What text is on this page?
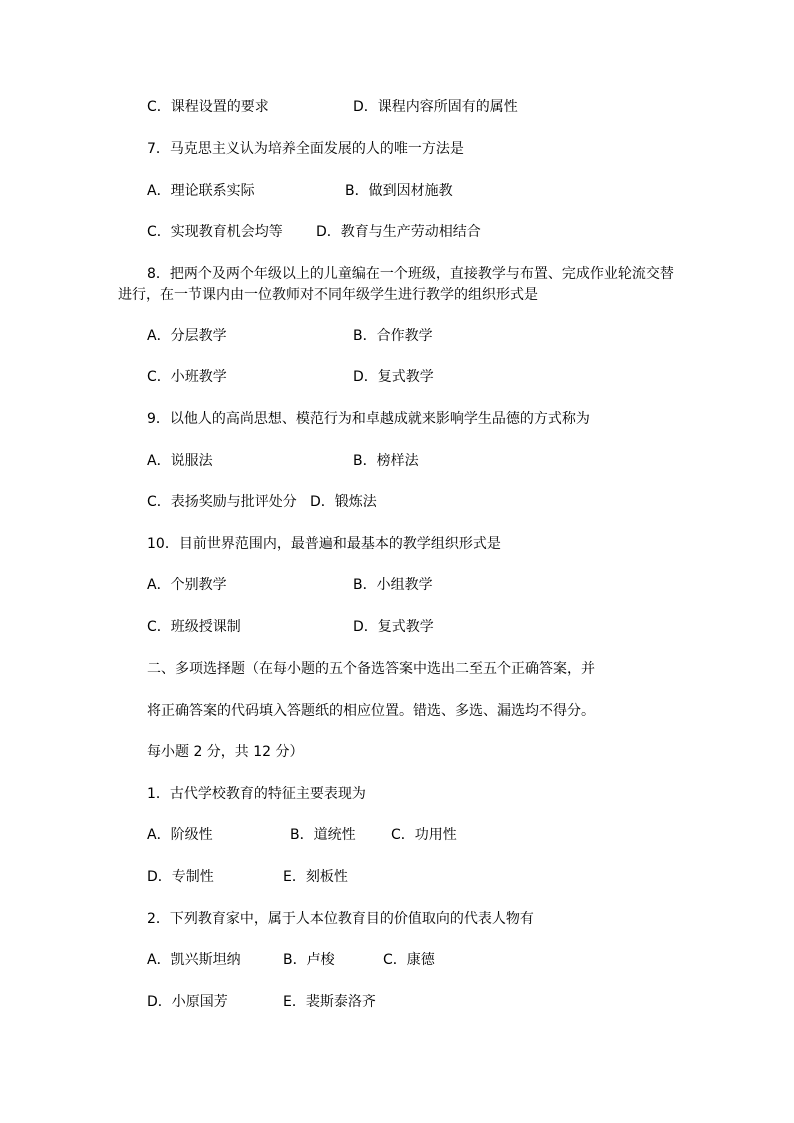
C．课程设置的要求	D．课程内容所固有的属性
7．马克思主义认为培养全面发展的人的唯一方法是
A．理论联系实际	B．做到因材施教
C．实现教育机会均等 D．教育与生产劳动相结合
8．把两个及两个年级以上的儿童编在一个班级，直接教学与布置、完成作业轮流交替
进行，在一节课内由一位教师对不同年级学生进行教学的组织形式是
A．分层教学	B．合作教学
C．小班教学	D．复式教学
9．以他人的高尚思想、模范行为和卓越成就来影响学生品德的方式称为
A．说服法	B．榜样法
C．表扬奖励与批评处分 D．锻炼法
10．目前世界范围内，最普遍和最基本的教学组织形式是
A．个别教学	B．小组教学
C．班级授课制	D．复式教学
二、多项选择题（在每小题的五个备选答案中选出二至五个正确答案，并
将正确答案的代码填入答题纸的相应位置。错选、多选、漏选均不得分。
每小题 2 分，共 12 分）
1．古代学校教育的特征主要表现为
A．阶级性	B．道统性	C．功用性
D．专制性	E．刻板性
2．下列教育家中，属于人本位教育目的价值取向的代表人物有
A．凯兴斯坦纳	B．卢梭	C．康德
D．小原国芳	E．裴斯泰洛齐
